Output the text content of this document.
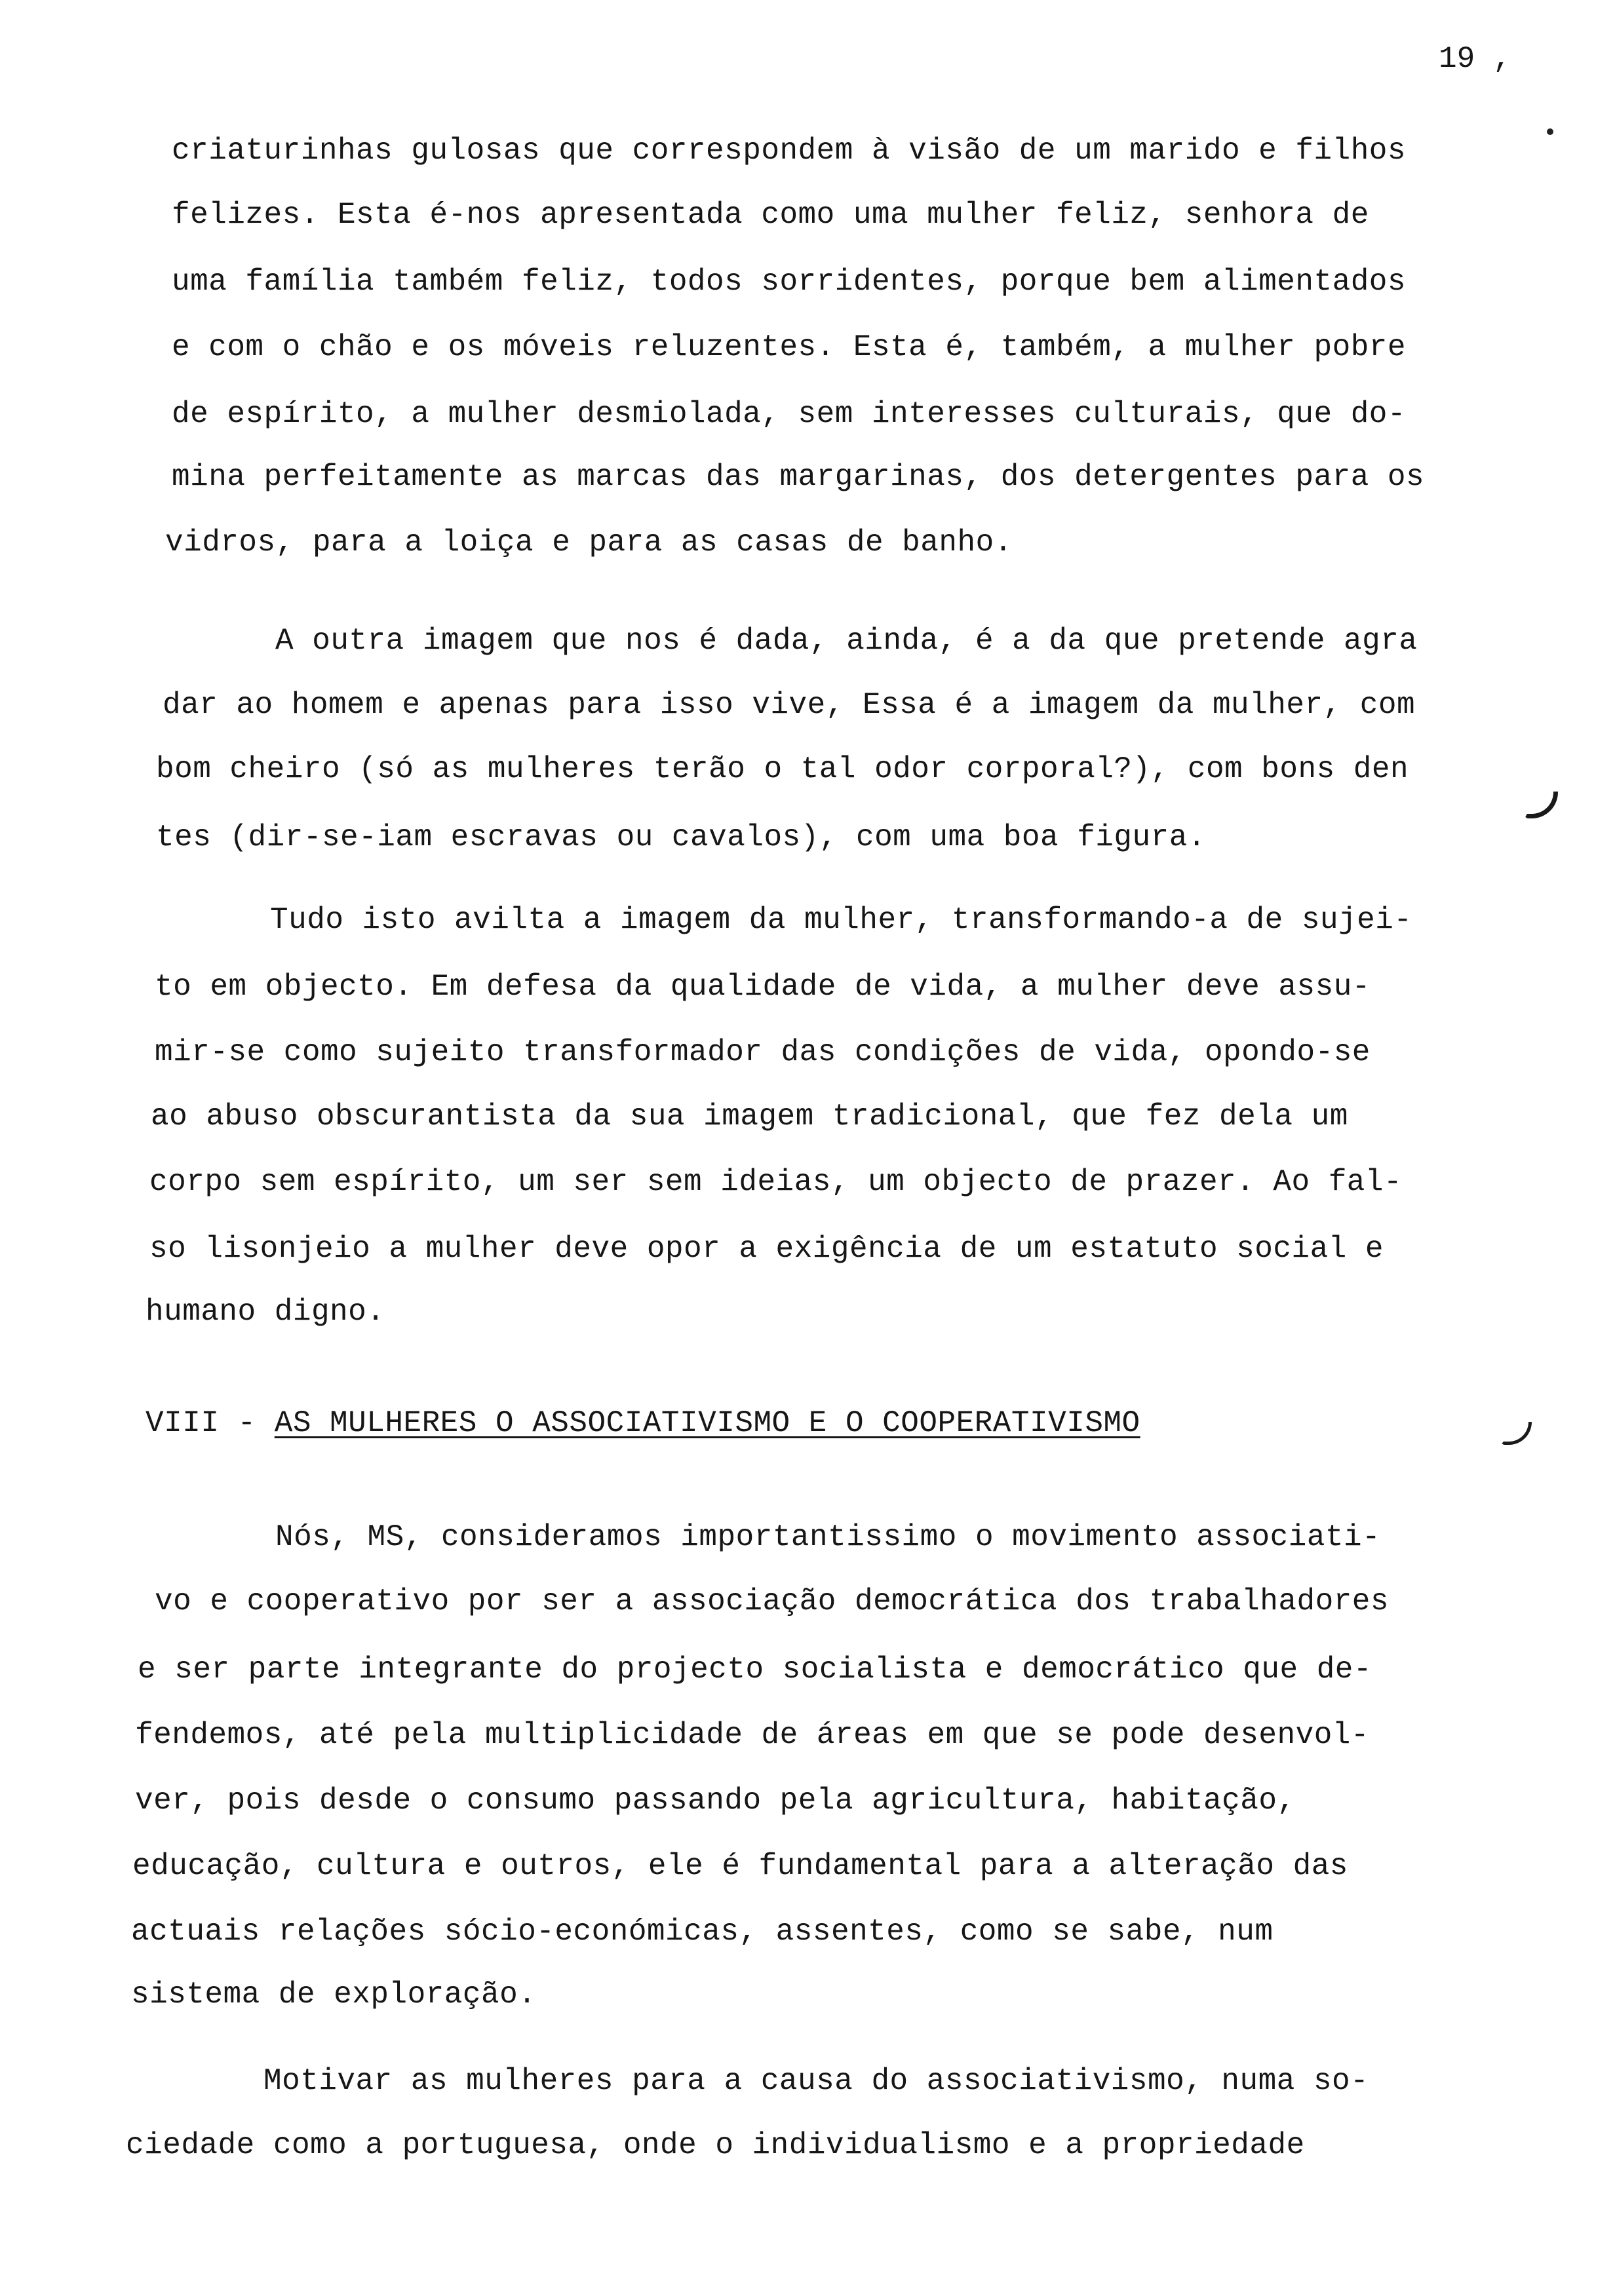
19 ,
criaturinhas gulosas que correspondem à visão de um marido e filhos
felizes. Esta é-nos apresentada como uma mulher feliz, senhora de
uma família também feliz, todos sorridentes, porque bem alimentados
e com o chão e os móveis reluzentes. Esta é, também, a mulher pobre
de espírito, a mulher desmiolada, sem interesses culturais, que do-
mina perfeitamente as marcas das margarinas, dos detergentes para os
vidros, para a loiça e para as casas de banho.
A outra imagem que nos é dada, ainda, é a da que pretende agra
dar ao homem e apenas para isso vive, Essa é a imagem da mulher, com
bom cheiro (só as mulheres terão o tal odor corporal?), com bons den
tes (dir-se-iam escravas ou cavalos), com uma boa figura.
Tudo isto avilta a imagem da mulher, transformando-a de sujei-
to em objecto. Em defesa da qualidade de vida, a mulher deve assu-
mir-se como sujeito transformador das condições de vida, opondo-se
ao abuso obscurantista da sua imagem tradicional, que fez dela um
corpo sem espírito, um ser sem ideias, um objecto de prazer. Ao fal-
so lisonjeio a mulher deve opor a exigência de um estatuto social e
humano digno.
VIII - AS MULHERES O ASSOCIATIVISMO E O COOPERATIVISMO
Nós, MS, consideramos importantissimo o movimento associati-
vo e cooperativo por ser a associação democrática dos trabalhadores
e ser parte integrante do projecto socialista e democrático que de-
fendemos, até pela multiplicidade de áreas em que se pode desenvol-
ver, pois desde o consumo passando pela agricultura, habitação,
educação, cultura e outros, ele é fundamental para a alteração das
actuais relações sócio-económicas, assentes, como se sabe, num
sistema de exploração.
Motivar as mulheres para a causa do associativismo, numa so-
ciedade como a portuguesa, onde o individualismo e a propriedade
